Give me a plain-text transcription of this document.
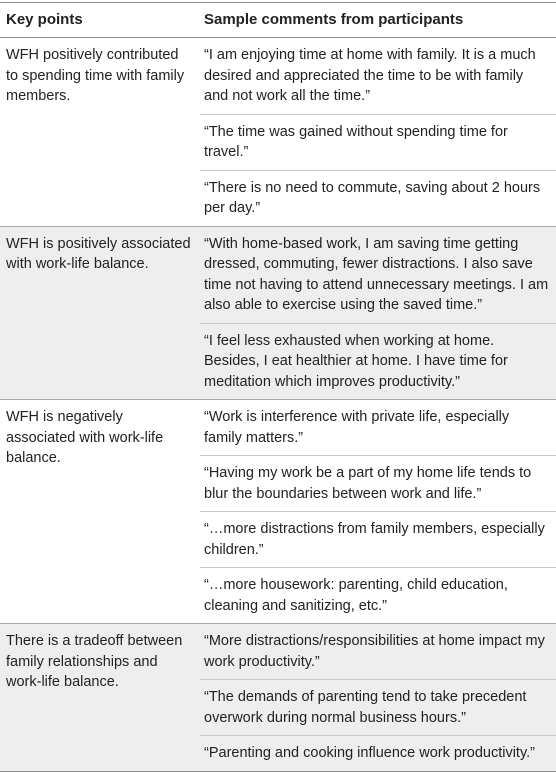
Key points	Sample comments from participants
WFH positively contributed to spending time with family members.
“I am enjoying time at home with family. It is a much desired and appreciated the time to be with family and not work all the time.”
“The time was gained without spending time for travel.”
“There is no need to commute, saving about 2 hours per day.”
WFH is positively associated with work-life balance.
“With home-based work, I am saving time getting dressed, commuting, fewer distractions. I also save time not having to attend unnecessary meetings. I am also able to exercise using the saved time.”
“I feel less exhausted when working at home. Besides, I eat healthier at home. I have time for meditation which improves productivity.”
WFH is negatively associated with work-life balance.
“Work is interference with private life, especially family matters.”
“Having my work be a part of my home life tends to blur the boundaries between work and life.”
“…more distractions from family members, especially children.”
“…more housework: parenting, child education, cleaning and sanitizing, etc.”
There is a tradeoff between family relationships and work-life balance.
“More distractions/responsibilities at home impact my work productivity.”
“The demands of parenting tend to take precedent overwork during normal business hours.”
“Parenting and cooking influence work productivity.”
